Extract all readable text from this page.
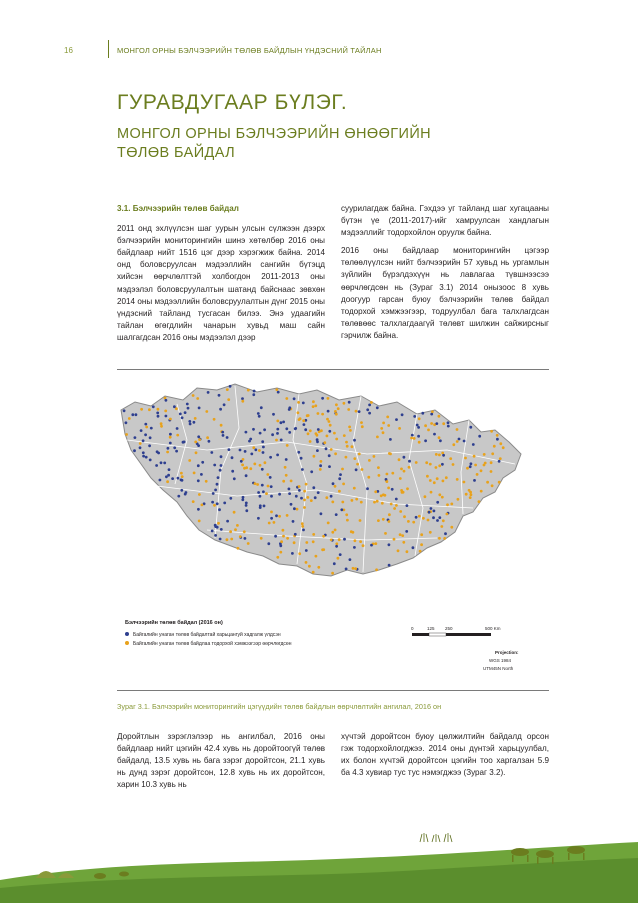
16	МОНГОЛ ОРНЫ БЭЛЧЭЭРИЙН ТӨЛӨВ БАЙДЛЫН ҮНДЭСНИЙ ТАЙЛАН
ГУРАВДУГААР БҮЛЭГ.
МОНГОЛ ОРНЫ БЭЛЧЭЭРИЙН ӨНӨӨГИЙН
ТӨЛӨВ БАЙДАЛ

3.1. Бэлчээрийн төлөв байдал

2011 онд эхлүүлсэн шаг уурын улсын сүлжээн дээрх бэлчээрийн мониторингийн шинэ хөтөлбөр 2016 оны байдлаар нийт 1516 цэг дээр хэрэгжиж байна. 2014 онд боловсруулсан мэдээллийн сангийн бүтэцд хийсэн өөрчлөлттэй холбогдон 2011-2013 оны мэдээлэл боловсруулалтын шатанд байснаас зөвхөн 2014 оны мэдээллийн боловсруулалтын дүнг 2015 оны үндэсний тайланд тусгасан билээ. Энэ удаагийн тайлан өгөгдлийн чанарын хувьд маш сайн шалгагдсан 2016 оны мэдээлэл дээр

суурилагдаж байна. Гэхдээ уг тайланд шаг хугацааны бүтэн үе (2011-2017)-ийг хамруулсан хандлагын мэдээллийг тодорхойлон оруулж байна.

2016 оны байдлаар мониторингийн цэгээр төлөөлүүлсэн нийт бэлчээрийн 57 хувьд нь ургамлын зүйлийн бүрэлдэхүүн нь лавлагаа түвшнээсээ өөрчлөгдсөн нь (Зураг 3.1) 2014 онызоос 8 хувь доогуур гарсан буюу бэлчээрийн төлөв байдал тодорхой хэмжээгээр, тодруулбал бага талхлагдсан төлөвөөс талхлагдаагүй төлөвт шилжин сайжирсныг гэрчилж байна.

Бэлчээрийн төлөв байдал (2016 он)
Байгалийн унаган төлөв байдалтай харьцангуй хадгалж үлдсэн
Байгалийн унаган төлөв байдлаа тодорхой хэмжээгээр өөрчлөгдсөн
0	125 250	500 Km
Projection:
WGS 1984
UTM45N North
Зураг 3.1. Бэлчээрийн мониторингийн цэгүүдийн төлөв байдлын өөрчлөлтийн ангилал, 2016 он
Доройтлын зэрэглэлээр нь ангилбал, 2016 оны байдлаар нийт цэгийн 42.4 хувь нь доройтоогүй төлөв байдалд, 13.5 хувь нь бага зэрэг доройтсон, 21.1 хувь нь дунд зэрэг доройтсон, 12.8 хувь нь их доройтсон, харин 10.3 хувь нь
хүчтэй доройтсон буюу цөлжилтийн байдалд орсон гэж тодорхойлогджээ. 2014 оны дүнтэй харьцуулбал, их болон хүчтэй доройтсон цэгийн тоо харгалзан 5.9 ба 4.3 хувиар тус тус нэмэгджээ (Зураг 3.2).
